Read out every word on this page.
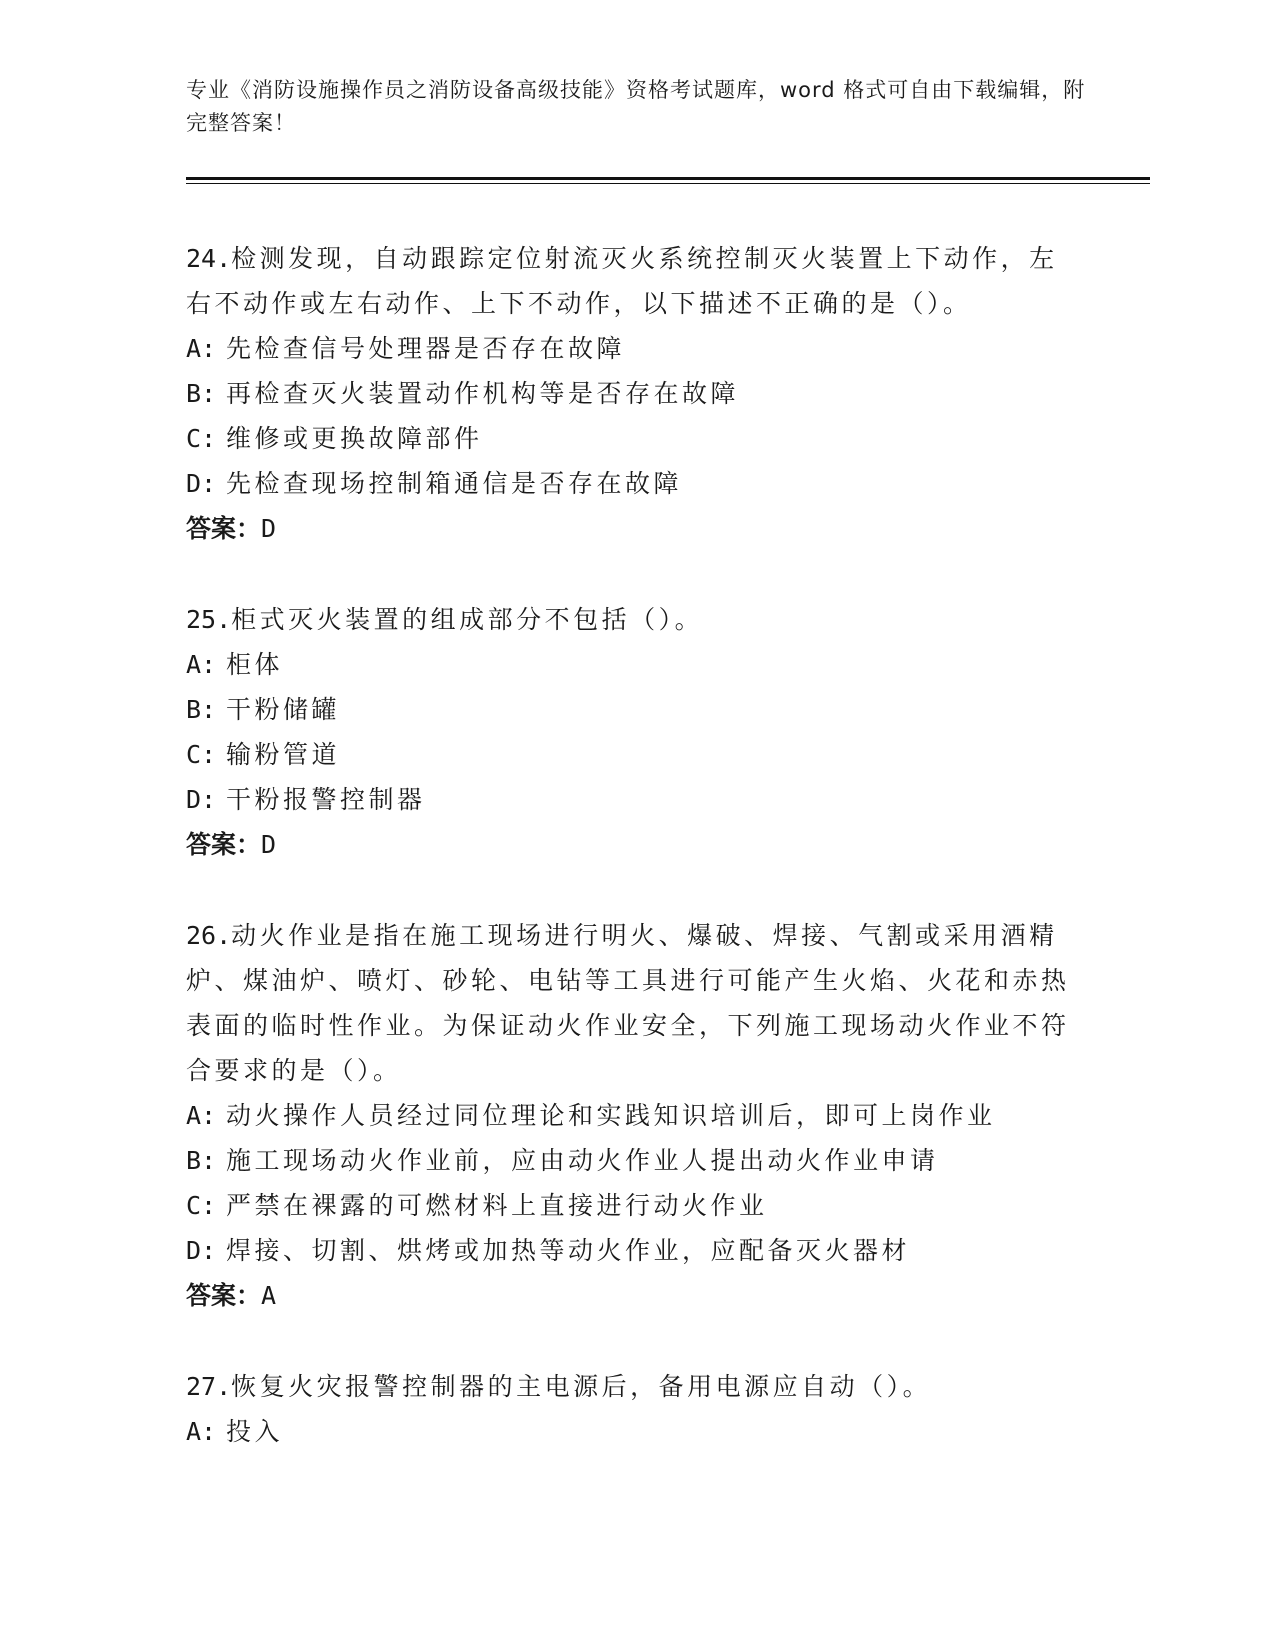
专业《消防设施操作员之消防设备高级技能》资格考试题库，word 格式可自由下载编辑，附完整答案！
24.检测发现，自动跟踪定位射流灭火系统控制灭火装置上下动作，左右不动作或左右动作、上下不动作，以下描述不正确的是（）。
A: 先检查信号处理器是否存在故障
B: 再检查灭火装置动作机构等是否存在故障
C: 维修或更换故障部件
D: 先检查现场控制箱通信是否存在故障
答案：D
25.柜式灭火装置的组成部分不包括（）。
A: 柜体
B: 干粉储罐
C: 输粉管道
D: 干粉报警控制器
答案：D
26.动火作业是指在施工现场进行明火、爆破、焊接、气割或采用酒精炉、煤油炉、喷灯、砂轮、电钻等工具进行可能产生火焰、火花和赤热表面的临时性作业。为保证动火作业安全，下列施工现场动火作业不符合要求的是（）。
A: 动火操作人员经过同位理论和实践知识培训后，即可上岗作业
B: 施工现场动火作业前，应由动火作业人提出动火作业申请
C: 严禁在裸露的可燃材料上直接进行动火作业
D: 焊接、切割、烘烤或加热等动火作业，应配备灭火器材
答案：A
27.恢复火灾报警控制器的主电源后，备用电源应自动（）。
A: 投入
